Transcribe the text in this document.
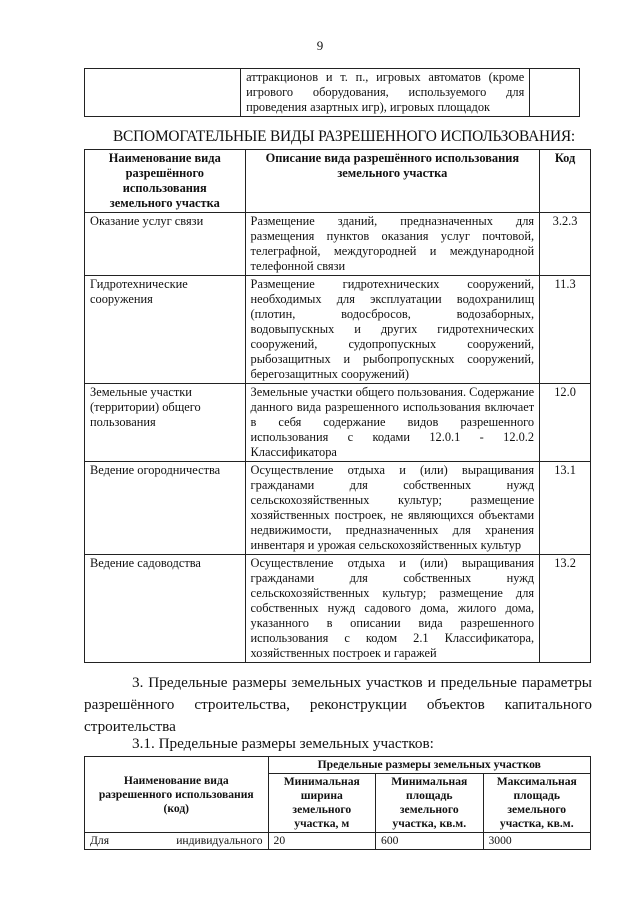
9
	аттракционов и т. п., игровых автоматов (кроме игрового оборудования, используемого для проведения азартных игр), игровых площадок	
ВСПОМОГАТЕЛЬНЫЕ ВИДЫ РАЗРЕШЕННОГО ИСПОЛЬЗОВАНИЯ:
Наименование вида разрешённого использования земельного участка	Описание вида разрешённого использования земельного участка	Код
Оказание услуг связи	Размещение зданий, предназначенных для размещения пунктов оказания услуг почтовой, телеграфной, междугородней и международной телефонной связи	3.2.3
Гидротехнические сооружения	Размещение гидротехнических сооружений, необходимых для эксплуатации водохранилищ (плотин, водосбросов, водозаборных, водовыпускных и других гидротехнических сооружений, судопропускных сооружений, рыбозащитных и рыбопропускных сооружений, берегозащитных сооружений)	11.3
Земельные участки (территории) общего пользования	Земельные участки общего пользования. Содержание данного вида разрешенного использования включает в себя содержание видов разрешенного использования с кодами 12.0.1 - 12.0.2 Классификатора	12.0
Ведение огородничества	Осуществление отдыха и (или) выращивания гражданами для собственных нужд сельскохозяйственных культур; размещение хозяйственных построек, не являющихся объектами недвижимости, предназначенных для хранения инвентаря и урожая сельскохозяйственных культур	13.1
Ведение садоводства	Осуществление отдыха и (или) выращивания гражданами для собственных нужд сельскохозяйственных культур; размещение для собственных нужд садового дома, жилого дома, указанного в описании вида разрешенного использования с кодом 2.1 Классификатора, хозяйственных построек и гаражей	13.2
3. Предельные размеры земельных участков и предельные параметры разрешённого строительства, реконструкции объектов капитального строительства
3.1. Предельные размеры земельных участков:
Наименование вида разрешенного использования (код)	Предельные размеры земельных участков		
	Минимальная ширина земельного участка, м	Минимальная площадь земельного участка, кв.м.	Максимальная площадь земельного участка, кв.м.
Для индивидуального	20	600	3000
